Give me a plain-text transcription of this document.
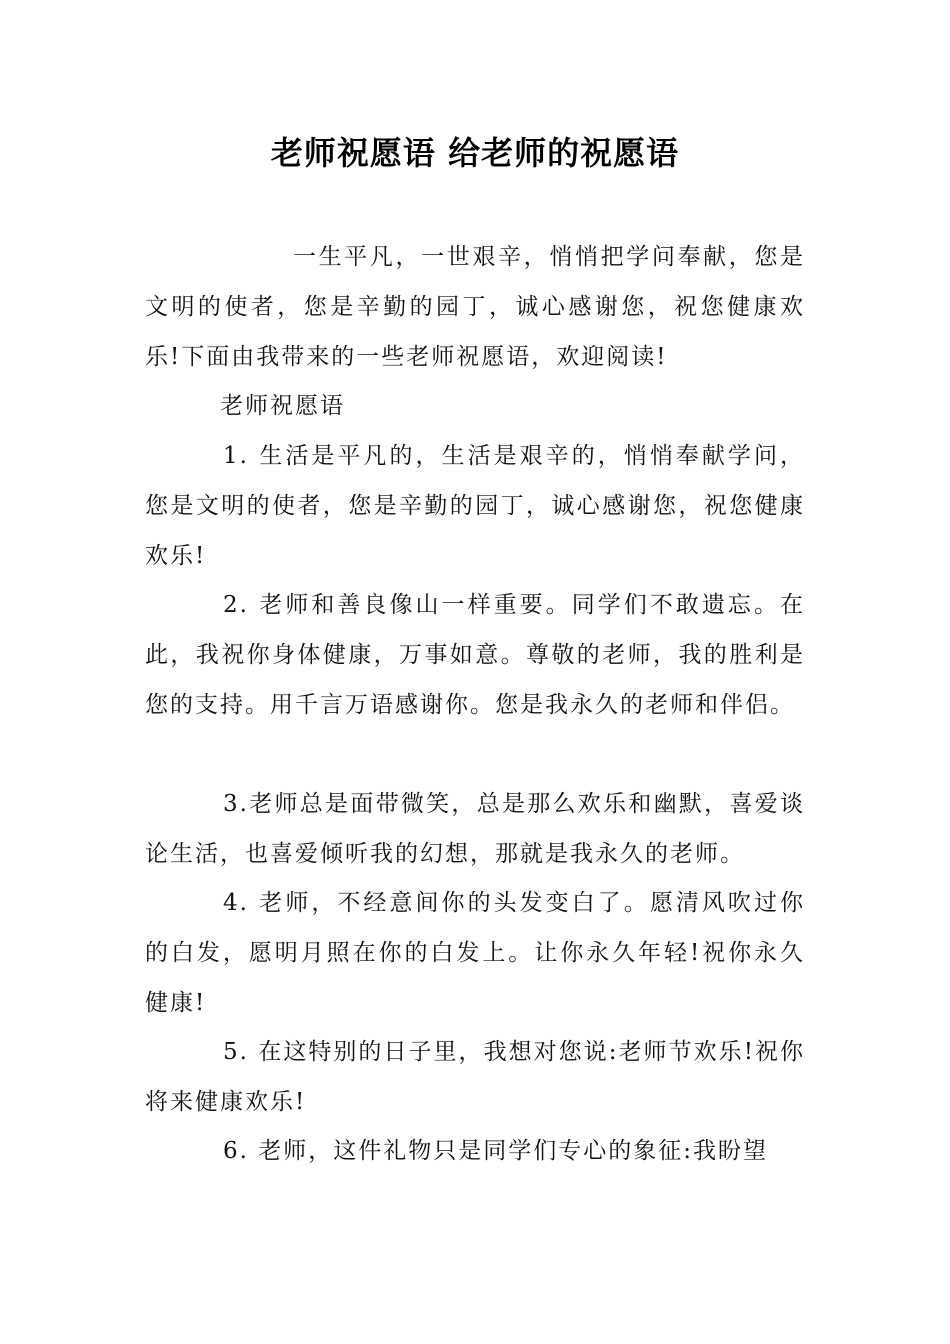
老师祝愿语 给老师的祝愿语

一生平凡，一世艰辛，悄悄把学问奉献，您是文明的使者，您是辛勤的园丁，诚心感谢您，祝您健康欢乐!下面由我带来的一些老师祝愿语，欢迎阅读!

老师祝愿语

1. 生活是平凡的，生活是艰辛的，悄悄奉献学问，您是文明的使者，您是辛勤的园丁，诚心感谢您，祝您健康欢乐!

2. 老师和善良像山一样重要。同学们不敢遗忘。在此，我祝你身体健康，万事如意。尊敬的老师，我的胜利是您的支持。用千言万语感谢你。您是我永久的老师和伴侣。

3.老师总是面带微笑，总是那么欢乐和幽默，喜爱谈论生活，也喜爱倾听我的幻想，那就是我永久的老师。

4. 老师，不经意间你的头发变白了。愿清风吹过你的白发，愿明月照在你的白发上。让你永久年轻!祝你永久健康!

5. 在这特别的日子里，我想对您说:老师节欢乐!祝你将来健康欢乐!

6. 老师，这件礼物只是同学们专心的象征:我盼望
